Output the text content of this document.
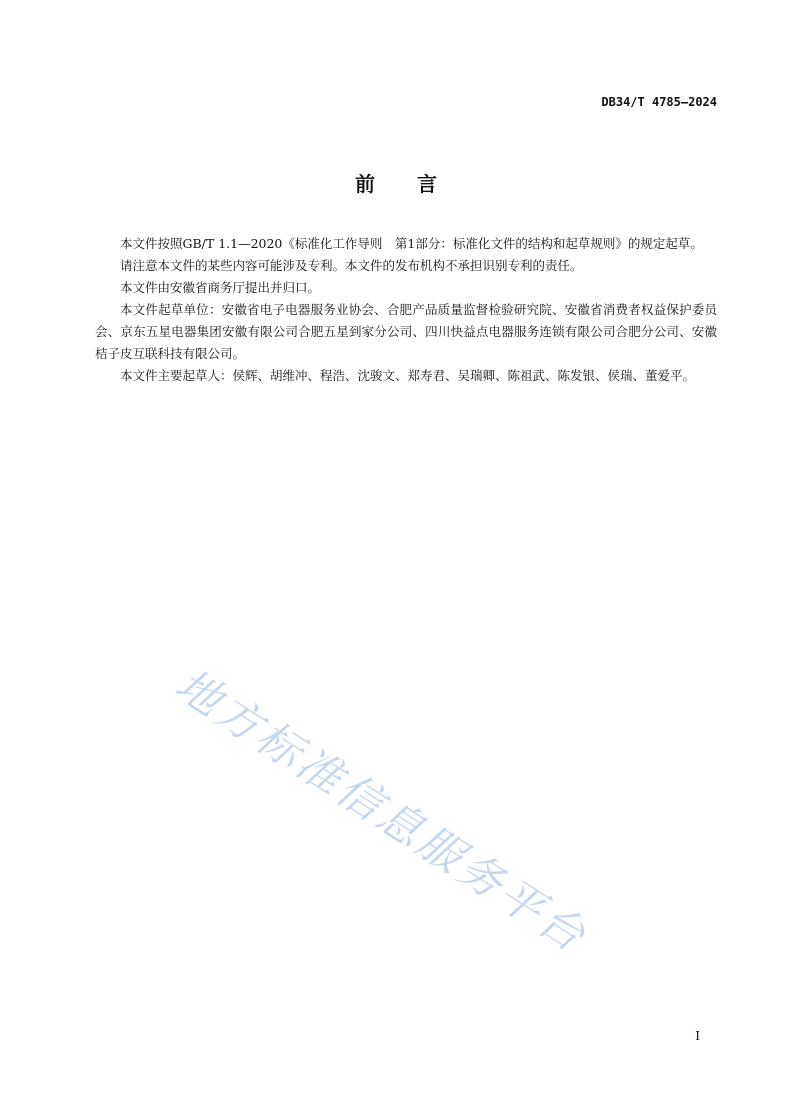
DB34/T 4785—2024
前言

本文件按照GB/T 1.1—2020《标准化工作导则　第1部分：标准化文件的结构和起草规则》的规定起草。

请注意本文件的某些内容可能涉及专利。本文件的发布机构不承担识别专利的责任。

本文件由安徽省商务厅提出并归口。

本文件起草单位：安徽省电子电器服务业协会、合肥产品质量监督检验研究院、安徽省消费者权益保护委员会、京东五星电器集团安徽有限公司合肥五星到家分公司、四川快益点电器服务连锁有限公司合肥分公司、安徽桔子皮互联科技有限公司。

本文件主要起草人：侯辉、胡维冲、程浩、沈骏文、郑寿君、吴瑞卿、陈祖武、陈发银、侯瑞、董爱平。

地方标准信息服务平台
I
